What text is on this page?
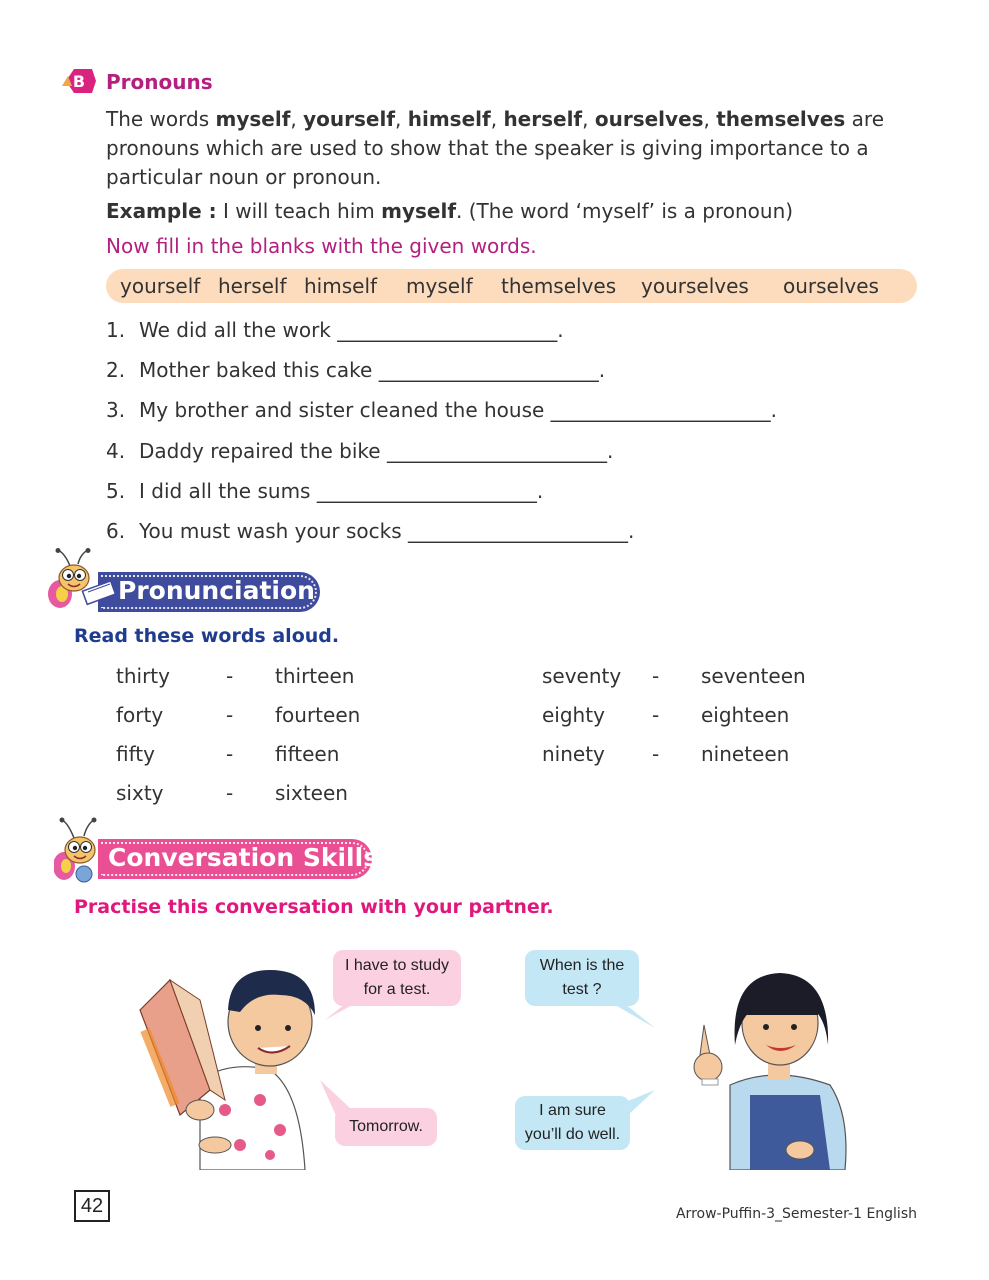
B Pronouns
The words myself, yourself, himself, herself, ourselves, themselves are pronouns which are used to show that the speaker is giving importance to a particular noun or pronoun.
Example : I will teach him myself. (The word ‘myself’ is a pronoun)
Now fill in the blanks with the given words.
yourself herself himself myself themselves yourselves ourselves
1. We did all the work ______________________.
2. Mother baked this cake ______________________.
3. My brother and sister cleaned the house ______________________.
4. Daddy repaired the bike ______________________.
5. I did all the sums ______________________.
6. You must wash your socks ______________________.
Pronunciation
Read these words aloud.
thirty	- thirteen
forty	- fourteen
fifty	- fifteen
sixty	- sixteen
seventy - seventeen
eighty - eighteen
ninety - nineteen
Conversation Skills
Practise this conversation with your partner.
I have to study
for a test.
When is the
test ?
Tomorrow.
I am sure
you’ll do well.
42	Arrow-Puffin-3_Semester-1 English
